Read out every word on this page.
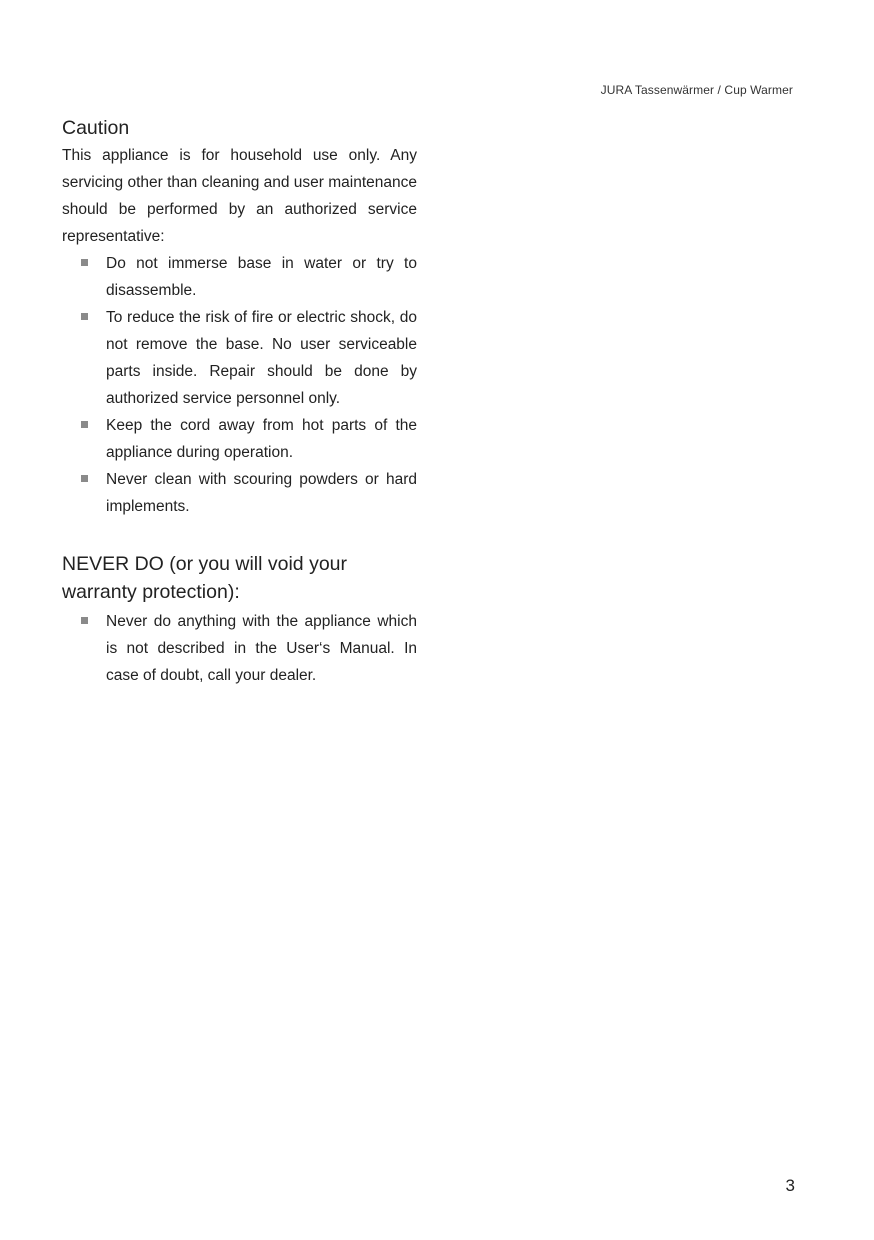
JURA Tassenwärmer / Cup Warmer
Caution

This appliance is for household use only. Any servicing other than cleaning and user maintenance should be performed by an authorized service representative:

Do not immerse base in water or try to disassemble.
To reduce the risk of fire or electric shock, do not remove the base. No user serviceable parts inside. Repair should be done by authorized service personnel only.
Keep the cord away from hot parts of the appliance during operation.
Never clean with scouring powders or hard implements.
NEVER DO (or you will void your
warranty protection):
Never do anything with the appliance which is not described in the User‘s Manual. In case of doubt, call your dealer.
3
